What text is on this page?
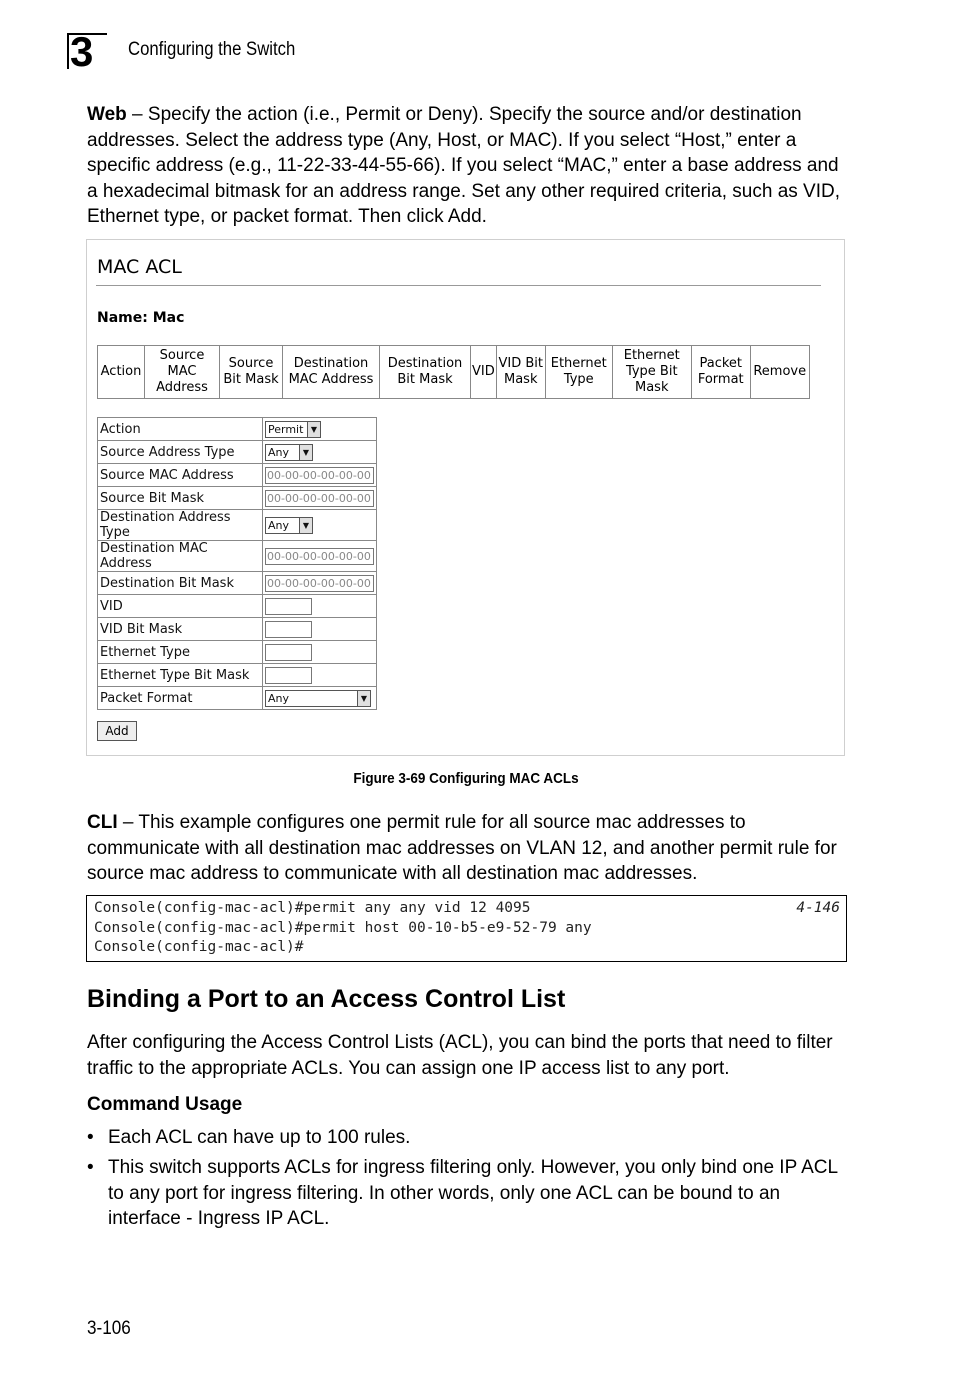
3 Configuring the Switch
Web – Specify the action (i.e., Permit or Deny). Specify the source and/or destination addresses. Select the address type (Any, Host, or MAC). If you select “Host,” enter a specific address (e.g., 11-22-33-44-55-66). If you select “MAC,” enter a base address and a hexadecimal bitmask for an address range. Set any other required criteria, such as VID, Ethernet type, or packet format. Then click Add.
MAC ACL
Name: Mac
Action	Source MAC Address	Source Bit Mask	Destination MAC Address	Destination Bit Mask	VID	VID Bit Mask	Ethernet Type	Ethernet Type Bit Mask	Packet Format	Remove
Action	Permit ▼

Source Address Type	Any ▼

Source MAC Address	00-00-00-00-00-00
Source Bit Mask	00-00-00-00-00-00
Destination Address Type	Any ▼

Destination MAC Address	00-00-00-00-00-00
Destination Bit Mask	00-00-00-00-00-00
VID	
VID Bit Mask	
Ethernet Type	
Ethernet Type Bit Mask	
Packet Format	Any ▼
Add
Figure 3-69 Configuring MAC ACLs
CLI – This example configures one permit rule for all source mac addresses to communicate with all destination mac addresses on VLAN 12, and another permit rule for source mac address to communicate with all destination mac addresses.
Console(config-mac-acl)#permit any any vid 12 4095
Console(config-mac-acl)#permit host 00-10-b5-e9-52-79 any
Console(config-mac-acl)#
4-146
Binding a Port to an Access Control List
After configuring the Access Control Lists (ACL), you can bind the ports that need to filter traffic to the appropriate ACLs. You can assign one IP access list to any port.
Command Usage
• Each ACL can have up to 100 rules.
• This switch supports ACLs for ingress filtering only. However, you only bind one IP ACL to any port for ingress filtering. In other words, only one ACL can be bound to an interface - Ingress IP ACL.
3-106
